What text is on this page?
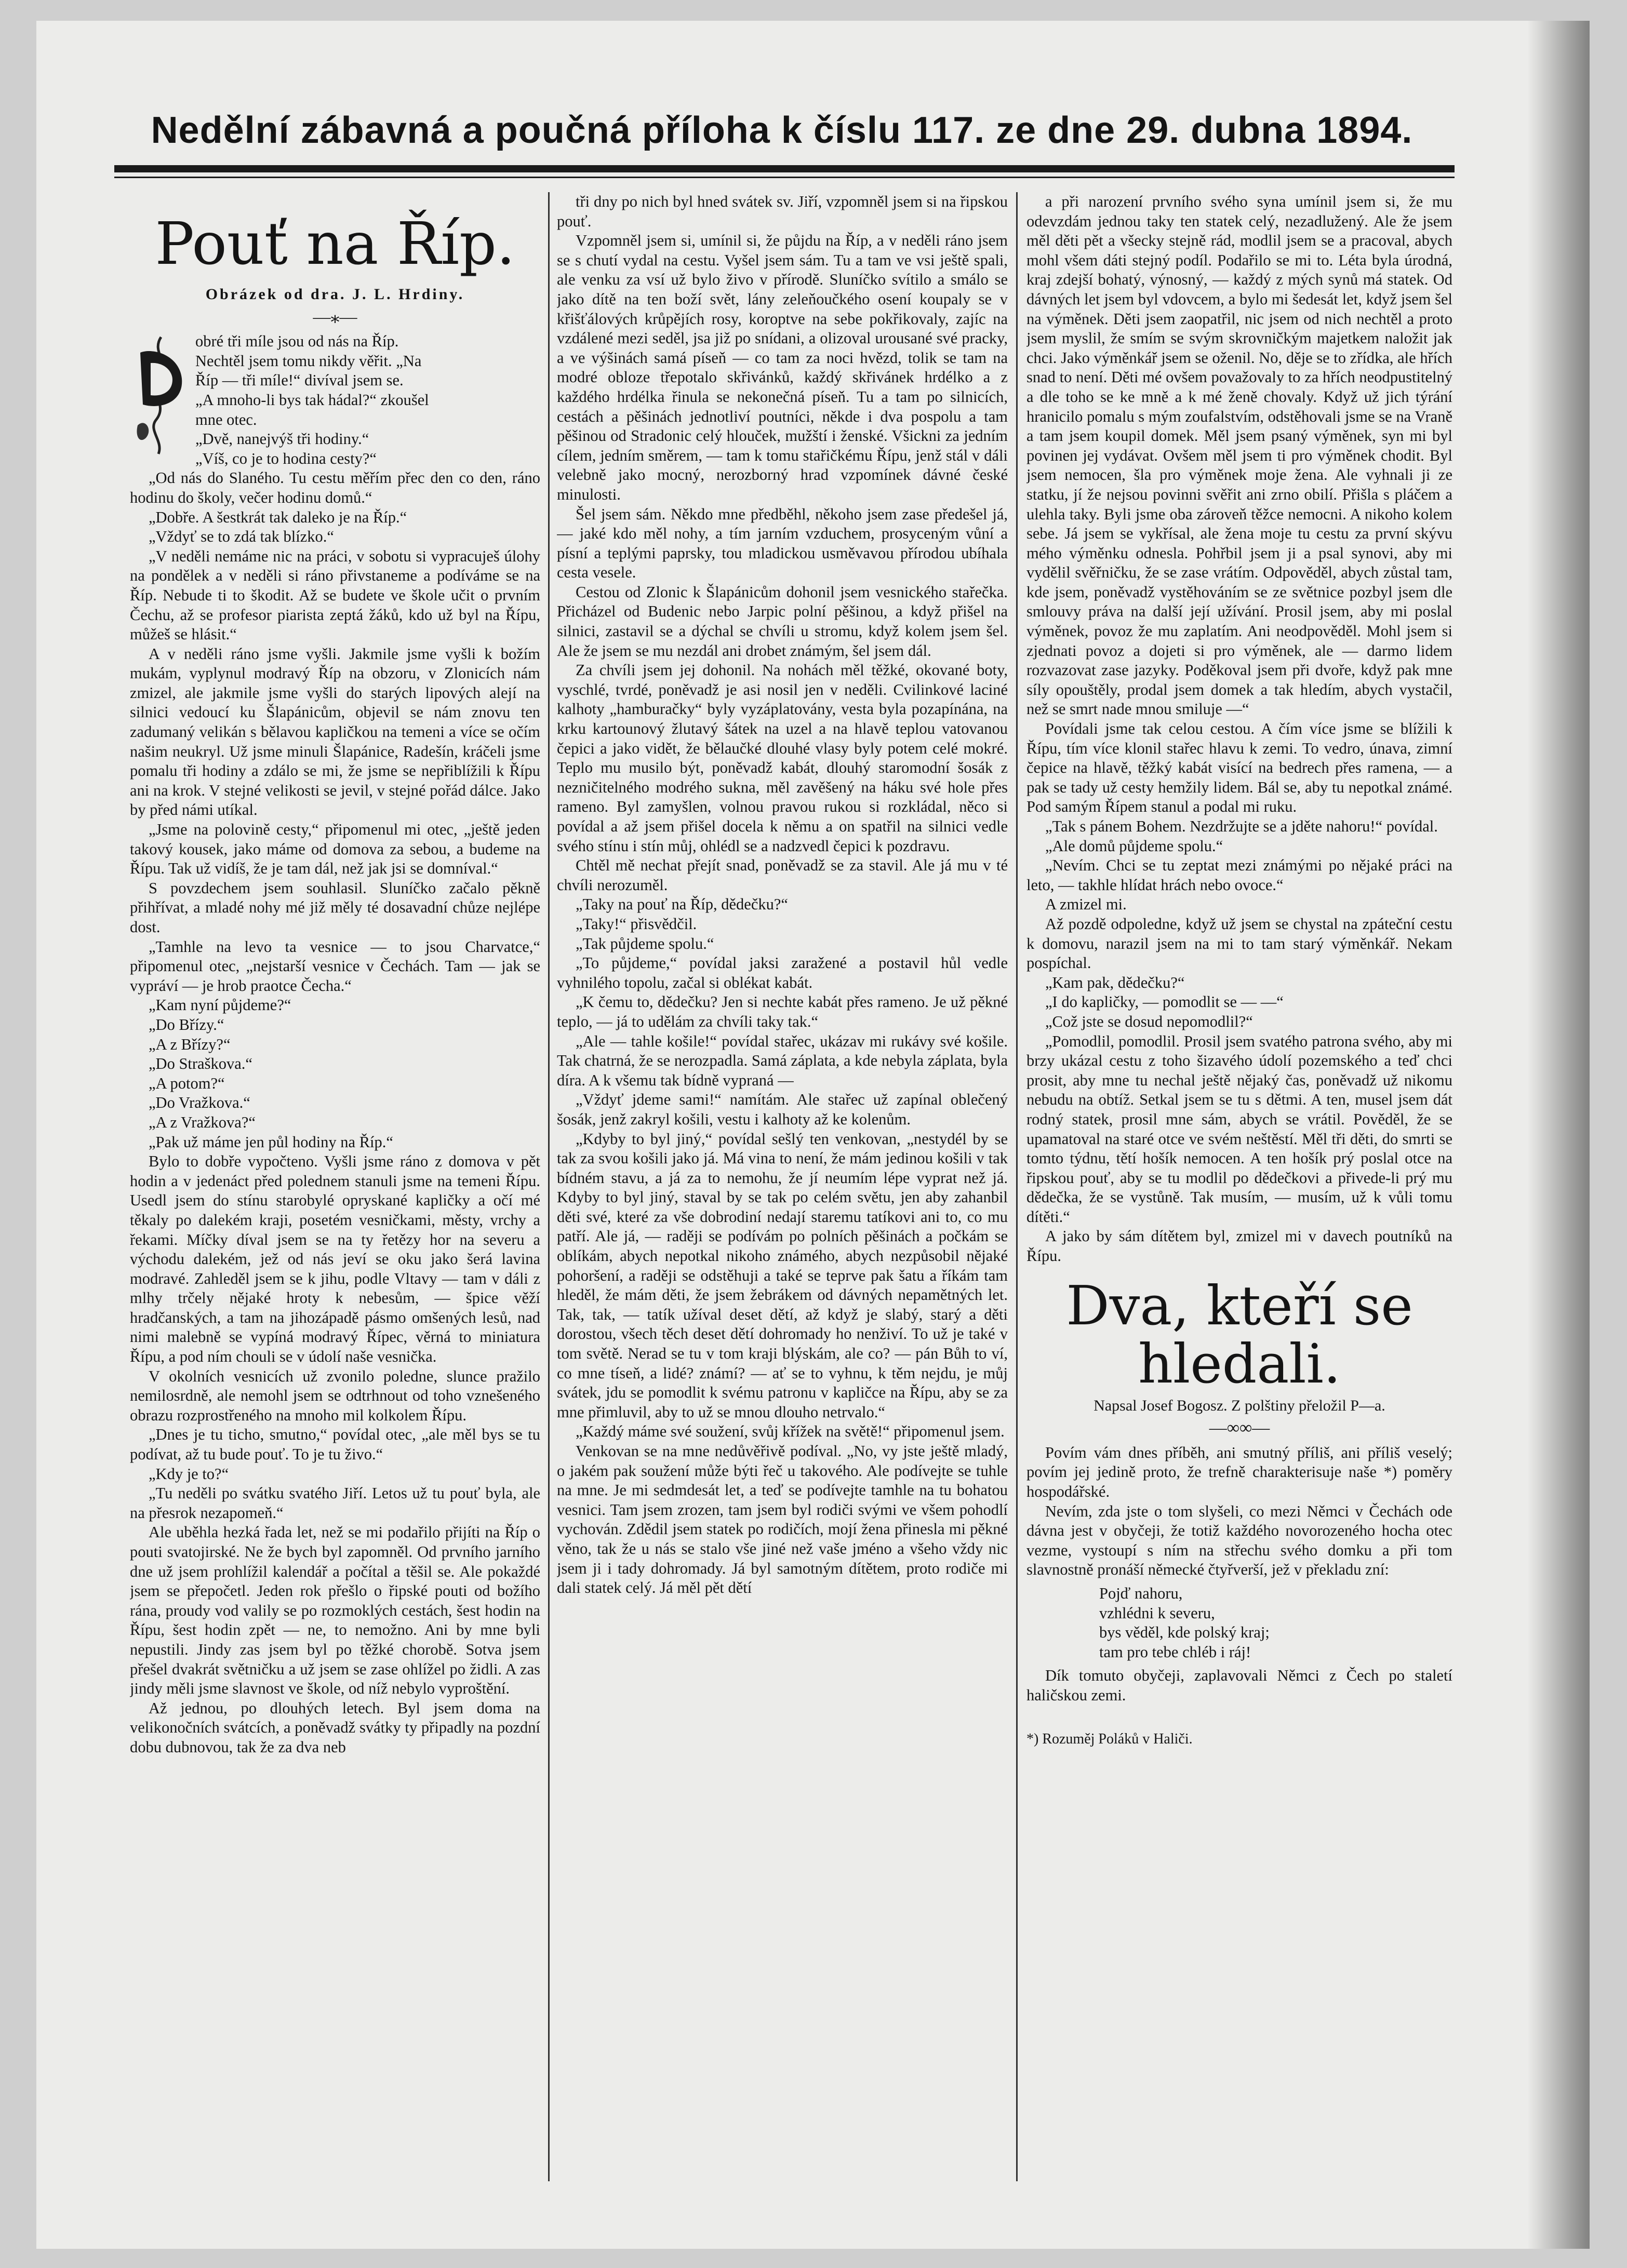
Nedělní zábavná a poučná příloha k číslu 117. ze dne 29. dubna 1894.
Pouť na Říp.
Obrázek od dra. J. L. Hrdiny.
—⁎—

obré tři míle jsou od nás na Říp.

Nechtěl jsem tomu nikdy věřit. „Na

Říp — tři míle!“ divíval jsem se.

„A mnoho-li bys tak hádal?“ zkoušel

mne otec.

„Dvě, nanejvýš tři hodiny.“

„Víš, co je to hodina cesty?“

„Od nás do Slaného. Tu cestu měřím přec den co den, ráno hodinu do školy, večer hodinu domů.“

„Dobře. A šestkrát tak daleko je na Říp.“

„Vždyť se to zdá tak blízko.“

„V neděli nemáme nic na práci, v sobotu si vypracuješ úlohy na pondělek a v neděli si ráno přivstaneme a podíváme se na Říp. Nebude ti to škodit. Až se budete ve škole učit o prvním Čechu, až se profesor piarista zeptá žáků, kdo už byl na Řípu, můžeš se hlásit.“

A v neděli ráno jsme vyšli. Jakmile jsme vyšli k božím mukám, vyplynul modravý Říp na obzoru, v Zlonicích nám zmizel, ale jakmile jsme vyšli do starých lipových alejí na silnici vedoucí ku Šlapánicům, objevil se nám znovu ten zadumaný velikán s bělavou kapličkou na temeni a více se očím našim neukryl. Už jsme minuli Šlapánice, Radešín, kráčeli jsme pomalu tři hodiny a zdálo se mi, že jsme se nepřiblížili k Řípu ani na krok. V stejné velikosti se jevil, v stejné pořád dálce. Jako by před námi utíkal.

„Jsme na polovině cesty,“ připomenul mi otec, „ještě jeden takový kousek, jako máme od domova za sebou, a budeme na Řípu. Tak už vidíš, že je tam dál, než jak jsi se domníval.“

S povzdechem jsem souhlasil. Sluníčko začalo pěkně přihřívat, a mladé nohy mé již měly té dosavadní chůze nejlépe dost.

„Tamhle na levo ta vesnice — to jsou Charvatce,“ připomenul otec, „nejstarší vesnice v Čechách. Tam — jak se vypráví — je hrob praotce Čecha.“

„Kam nyní půjdeme?“

„Do Břízy.“

„A z Břízy?“

„Do Straškova.“

„A potom?“

„Do Vražkova.“

„A z Vražkova?“

„Pak už máme jen půl hodiny na Říp.“

Bylo to dobře vypočteno. Vyšli jsme ráno z domova v pět hodin a v jedenáct před polednem stanuli jsme na temeni Řípu. Usedl jsem do stínu starobylé opryskané kapličky a očí mé těkaly po dalekém kraji, posetém vesničkami, městy, vrchy a řekami. Míčky díval jsem se na ty řetězy hor na severu a východu dalekém, jež od nás jeví se oku jako šerá lavina modravé. Zahleděl jsem se k jihu, podle Vltavy — tam v dáli z mlhy trčely nějaké hroty k nebesům, — špice věží hradčanských, a tam na jihozápadě pásmo omšených lesů, nad nimi malebně se vypíná modravý Řípec, věrná to miniatura Řípu, a pod ním chouli se v údolí naše vesnička.

V okolních vesnicích už zvonilo poledne, slunce pražilo nemilosrdně, ale nemohl jsem se odtrhnout od toho vznešeného obrazu rozprostřeného na mnoho mil kolkolem Řípu.

„Dnes je tu ticho, smutno,“ povídal otec, „ale měl bys se tu podívat, až tu bude pouť. To je tu živo.“

„Kdy je to?“

„Tu neděli po svátku svatého Jiří. Letos už tu pouť byla, ale na přesrok nezapomeň.“

Ale uběhla hezká řada let, než se mi podařilo přijíti na Říp o pouti svatojirské. Ne že bych byl zapomněl. Od prvního jarního dne už jsem prohlížil kalendář a počítal a těšil se. Ale pokaždé jsem se přepočetl. Jeden rok přešlo o řipské pouti od božího rána, proudy vod valily se po rozmoklých cestách, šest hodin na Řípu, šest hodin zpět — ne, to nemožno. Ani by mne byli nepustili. Jindy zas jsem byl po těžké chorobě. Sotva jsem přešel dvakrát světničku a už jsem se zase ohlížel po židli. A zas jindy měli jsme slavnost ve škole, od níž nebylo vyproštění.

Až jednou, po dlouhých letech. Byl jsem doma na velikonočních svátcích, a poněvadž svátky ty připadly na pozdní dobu dubnovou, tak že za dva neb

tři dny po nich byl hned svátek sv. Jiří, vzpomněl jsem si na řipskou pouť.

Vzpomněl jsem si, umínil si, že půjdu na Říp, a v neděli ráno jsem se s chutí vydal na cestu. Vyšel jsem sám. Tu a tam ve vsi ještě spali, ale venku za vsí už bylo živo v přírodě. Sluníčko svítilo a smálo se jako dítě na ten boží svět, lány zeleňoučkého osení koupaly se v křišťálových krůpějích rosy, koroptve na sebe pokřikovaly, zajíc na vzdálené mezi seděl, jsa již po snídani, a olizoval urousané své pracky, a ve výšinách samá píseň — co tam za noci hvězd, tolik se tam na modré obloze třepotalo skřivánků, každý skřivánek hrdélko a z každého hrdélka řinula se nekonečná píseň. Tu a tam po silnicích, cestách a pěšinách jednotliví poutníci, někde i dva pospolu a tam pěšinou od Stradonic celý hlouček, mužští i ženské. Všickni za jedním cílem, jedním směrem, — tam k tomu stařičkému Řípu, jenž stál v dáli velebně jako mocný, nerozborný hrad vzpomínek dávné české minulosti.

Šel jsem sám. Někdo mne předběhl, někoho jsem zase předešel já, — jaké kdo měl nohy, a tím jarním vzduchem, prosyceným vůní a písní a teplými paprsky, tou mladickou usměvavou přírodou ubíhala cesta vesele.

Cestou od Zlonic k Šlapánicům dohonil jsem vesnického stařečka. Přicházel od Budenic nebo Jarpic polní pěšinou, a když přišel na silnici, zastavil se a dýchal se chvíli u stromu, když kolem jsem šel. Ale že jsem se mu nezdál ani drobet známým, šel jsem dál.

Za chvíli jsem jej dohonil. Na nohách měl těžké, okované boty, vyschlé, tvrdé, poněvadž je asi nosil jen v neděli. Cvilinkové laciné kalhoty „hamburačky“ byly vyzáplatovány, vesta byla pozapínána, na krku kartounový žlutavý šátek na uzel a na hlavě teplou vatovanou čepici a jako vidět, že bělaučké dlouhé vlasy byly potem celé mokré. Teplo mu musilo být, poněvadž kabát, dlouhý staromodní šosák z nezničitelného modrého sukna, měl zavěšený na háku své hole přes rameno. Byl zamyšlen, volnou pravou rukou si rozkládal, něco si povídal a až jsem přišel docela k němu a on spatřil na silnici vedle svého stínu i stín můj, ohlédl se a nadzvedl čepici k pozdravu.

Chtěl mě nechat přejít snad, poněvadž se za stavil. Ale já mu v té chvíli nerozuměl.

„Taky na pouť na Říp, dědečku?“

„Taky!“ přisvědčil.

„Tak půjdeme spolu.“

„To půjdeme,“ povídal jaksi zaražené a postavil hůl vedle vyhnilého topolu, začal si oblékat kabát.

„K čemu to, dědečku? Jen si nechte kabát přes rameno. Je už pěkné teplo, — já to udělám za chvíli taky tak.“

„Ale — tahle košile!“ povídal stařec, ukázav mi rukávy své košile. Tak chatrná, že se nerozpadla. Samá záplata, a kde nebyla záplata, byla díra. A k všemu tak bídně vypraná —

„Vždyť jdeme sami!“ namítám. Ale stařec už zapínal oblečený šosák, jenž zakryl košili, vestu i kalhoty až ke kolenům.

„Kdyby to byl jiný,“ povídal sešlý ten venkovan, „nestydél by se tak za svou košili jako já. Má vina to není, že mám jedinou košili v tak bídném stavu, a já za to nemohu, že jí neumím lépe vyprat než já. Kdyby to byl jiný, staval by se tak po celém světu, jen aby zahanbil děti své, které za vše dobrodiní nedají staremu tatíkovi ani to, co mu patří. Ale já, — raději se podívám po polních pěšinách a počkám se oblíkám, abych nepotkal nikoho známého, abych nezpůsobil nějaké pohoršení, a raději se odstěhuji a také se teprve pak šatu a říkám tam hleděl, že mám děti, že jsem žebrákem od dávných nepamětných let. Tak, tak, — tatík užíval deset dětí, až když je slabý, starý a děti dorostou, všech těch deset dětí dohromady ho nenživí. To už je také v tom světě. Nerad se tu v tom kraji blýskám, ale co? — pán Bůh to ví, co mne tíseň, a lidé? známí? — ať se to vyhnu, k těm nejdu, je můj svátek, jdu se pomodlit k svému patronu v kapličce na Řípu, aby se za mne přimluvil, aby to už se mnou dlouho netrvalo.“

„Každý máme své soužení, svůj křížek na světě!“ připomenul jsem.

Venkovan se na mne nedůvěřivě podíval. „No, vy jste ještě mladý, o jakém pak soužení může býti řeč u takového. Ale podívejte se tuhle na mne. Je mi sedmdesát let, a teď se podívejte tamhle na tu bohatou vesnici. Tam jsem zrozen, tam jsem byl rodiči svými ve všem pohodlí vychován. Zdědil jsem statek po rodičích, mojí žena přinesla mi pěkné věno, tak že u nás se stalo vše jiné než vaše jméno a všeho vždy nic jsem ji i tady dohromady. Já byl samotným dítětem, proto rodiče mi dali statek celý. Já měl pět dětí

a při narození prvního svého syna umínil jsem si, že mu odevzdám jednou taky ten statek celý, nezadlužený. Ale že jsem měl děti pět a všecky stejně rád, modlil jsem se a pracoval, abych mohl všem dáti stejný podíl. Podařilo se mi to. Léta byla úrodná, kraj zdejší bohatý, výnosný, — každý z mých synů má statek. Od dávných let jsem byl vdovcem, a bylo mi šedesát let, když jsem šel na výměnek. Děti jsem zaopatřil, nic jsem od nich nechtěl a proto jsem myslil, že smím se svým skrovničkým majetkem naložit jak chci. Jako výměnkář jsem se oženil. No, děje se to zřídka, ale hřích snad to není. Děti mé ovšem považovaly to za hřích neodpustitelný a dle toho se ke mně a k mé ženě chovaly. Když už jich týrání hranicilo pomalu s mým zoufalstvím, odstěhovali jsme se na Vraně a tam jsem koupil domek. Měl jsem psaný výměnek, syn mi byl povinen jej vydávat. Ovšem měl jsem ti pro výměnek chodit. Byl jsem nemocen, šla pro výměnek moje žena. Ale vyhnali ji ze statku, jí že nejsou povinni svěřit ani zrno obilí. Přišla s pláčem a ulehla taky. Byli jsme oba zároveň těžce nemocni. A nikoho kolem sebe. Já jsem se vykřísal, ale žena moje tu cestu za první skývu mého výměnku odnesla. Pohřbil jsem ji a psal synovi, aby mi vydělil svěřničku, že se zase vrátím. Odpověděl, abych zůstal tam, kde jsem, poněvadž vystěhováním se ze světnice pozbyl jsem dle smlouvy práva na další její užívání. Prosil jsem, aby mi poslal výměnek, povoz že mu zaplatím. Ani neodpověděl. Mohl jsem si zjednati povoz a dojeti si pro výměnek, ale — darmo lidem rozvazovat zase jazyky. Poděkoval jsem při dvoře, když pak mne síly opouštěly, prodal jsem domek a tak hledím, abych vystačil, než se smrt nade mnou smiluje —“

Povídali jsme tak celou cestou. A čím více jsme se blížili k Řípu, tím více klonil stařec hlavu k zemi. To vedro, únava, zimní čepice na hlavě, těžký kabát visící na bedrech přes ramena, — a pak se tady už cesty hemžily lidem. Bál se, aby tu nepotkal známé. Pod samým Řípem stanul a podal mi ruku.

„Tak s pánem Bohem. Nezdržujte se a jděte nahoru!“ povídal.

„Ale domů půjdeme spolu.“

„Nevím. Chci se tu zeptat mezi známými po nějaké práci na leto, — takhle hlídat hrách nebo ovoce.“

A zmizel mi.

Až pozdě odpoledne, když už jsem se chystal na zpáteční cestu k domovu, narazil jsem na mi to tam starý výměnkář. Nekam pospíchal.

„Kam pak, dědečku?“

„I do kapličky, — pomodlit se — —“

„Což jste se dosud nepomodlil?“

„Pomodlil, pomodlil. Prosil jsem svatého patrona svého, aby mi brzy ukázal cestu z toho šizavého údolí pozemského a teď chci prosit, aby mne tu nechal ještě nějaký čas, poněvadž už nikomu nebudu na obtíž. Setkal jsem se tu s dětmi. A ten, musel jsem dát rodný statek, prosil mne sám, abych se vrátil. Pověděl, že se upamatoval na staré otce ve svém neštěstí. Měl tři děti, do smrti se tomto týdnu, tětí hošík nemocen. A ten hošík prý poslal otce na řipskou pouť, aby se tu modlil po dědečkovi a přivede-li prý mu dědečka, že se vystůně. Tak musím, — musím, už k vůli tomu dítěti.“

A jako by sám dítětem byl, zmizel mi v davech poutníků na Řípu.

Dva, kteří se hledali.
Napsal Josef Bogosz. Z polštiny přeložil P—a.
—∞∞—

Povím vám dnes příběh, ani smutný příliš, ani příliš veselý; povím jej jedině proto, že trefně charakterisuje naše *) poměry hospodářské.

Nevím, zda jste o tom slyšeli, co mezi Němci v Čechách ode dávna jest v obyčeji, že totiž každého novorozeného hocha otec vezme, vystoupí s ním na střechu svého domku a při tom slavnostně pronáší německé čtyřverší, jež v překladu zní:

Pojď nahoru,
vzhlédni k severu,
bys věděl, kde polský kraj;
tam pro tebe chléb i ráj!

Dík tomuto obyčeji, zaplavovali Němci z Čech po staletí haličskou zemi.

*) Rozuměj Poláků v Haliči.
